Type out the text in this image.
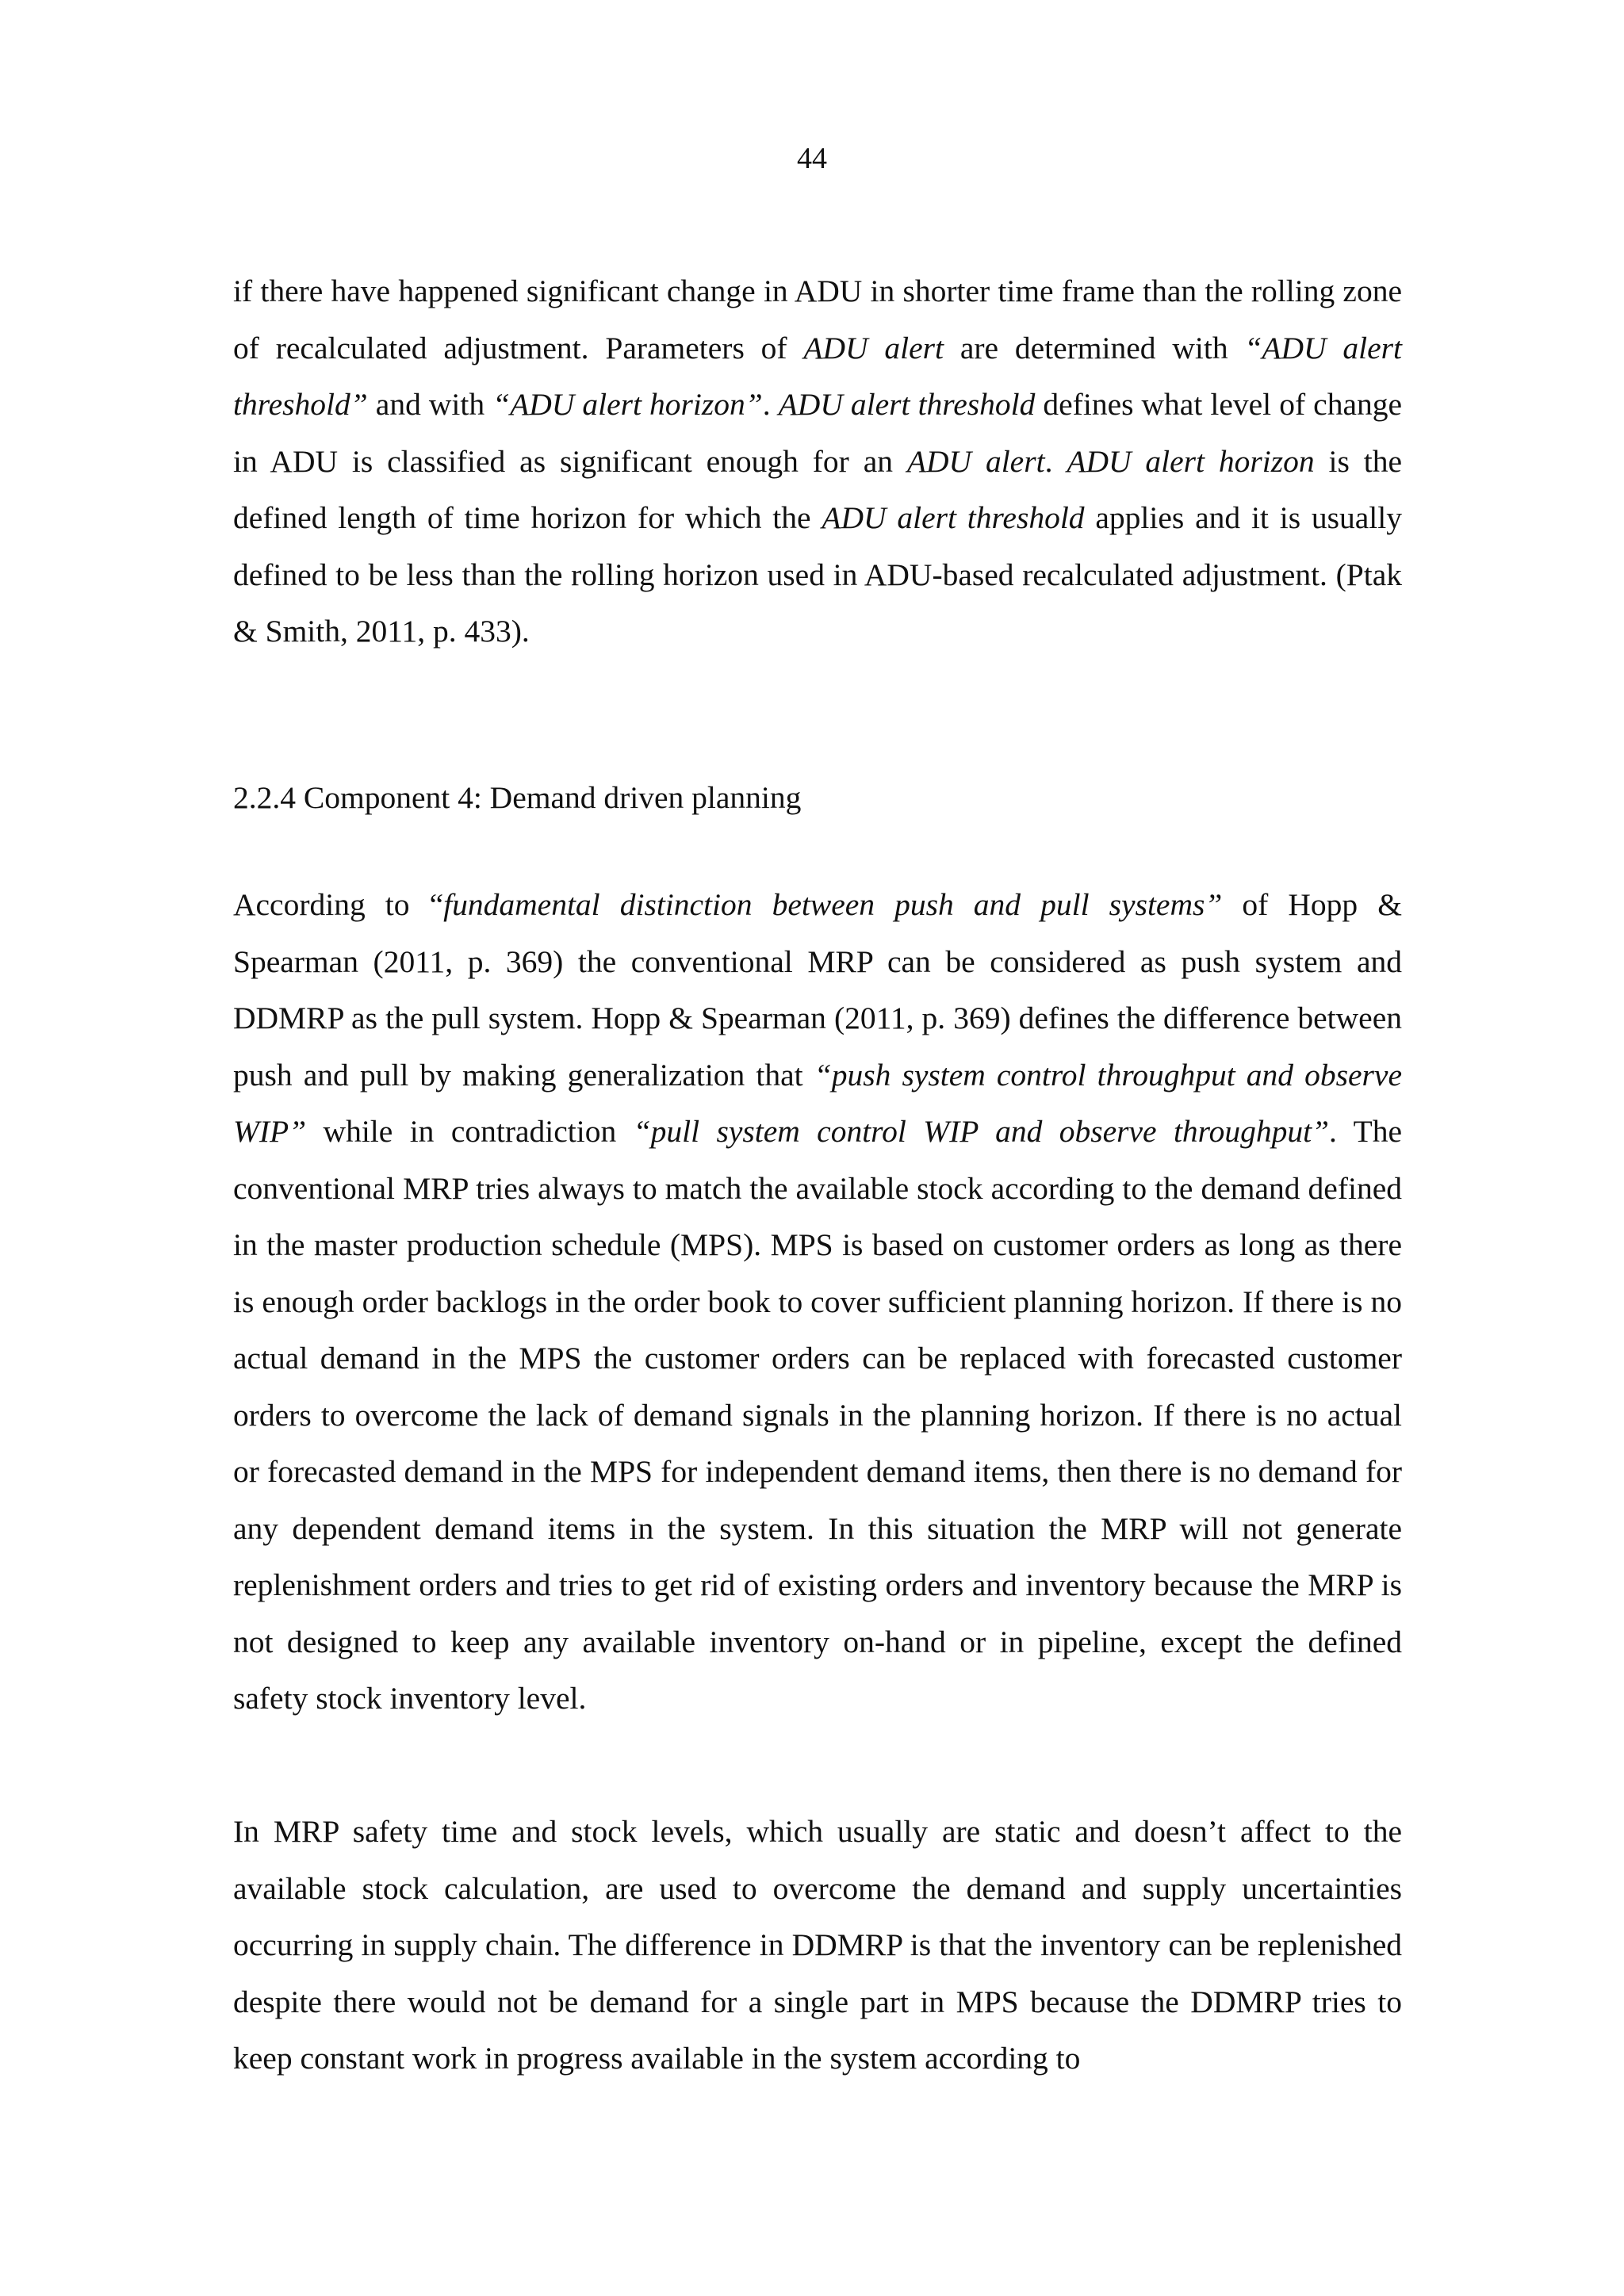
44

if there have happened significant change in ADU in shorter time frame than the rolling zone of recalculated adjustment. Parameters of ADU alert are determined with “ADU alert threshold” and with “ADU alert horizon”. ADU alert threshold defines what level of change in ADU is classified as significant enough for an ADU alert. ADU alert horizon is the defined length of time horizon for which the ADU alert threshold applies and it is usually defined to be less than the rolling horizon used in ADU-based recalculated adjustment. (Ptak & Smith, 2011, p. 433).

2.2.4 Component 4: Demand driven planning

According to “fundamental distinction between push and pull systems” of Hopp & Spearman (2011, p. 369) the conventional MRP can be considered as push system and DDMRP as the pull system. Hopp & Spearman (2011, p. 369) defines the difference between push and pull by making generalization that “push system control throughput and observe WIP” while in contradiction “pull system control WIP and observe throughput”. The conventional MRP tries always to match the available stock according to the demand defined in the master production schedule (MPS). MPS is based on customer orders as long as there is enough order backlogs in the order book to cover sufficient planning horizon. If there is no actual demand in the MPS the customer orders can be replaced with forecasted customer orders to overcome the lack of demand signals in the planning horizon. If there is no actual or forecasted demand in the MPS for independent demand items, then there is no demand for any dependent demand items in the system. In this situation the MRP will not generate replenishment orders and tries to get rid of existing orders and inventory because the MRP is not designed to keep any available inventory on-hand or in pipeline, except the defined safety stock inventory level.

In MRP safety time and stock levels, which usually are static and doesn’t affect to the available stock calculation, are used to overcome the demand and supply uncertainties occurring in supply chain. The difference in DDMRP is that the inventory can be replenished despite there would not be demand for a single part in MPS because the DDMRP tries to keep constant work in progress available in the system according to
